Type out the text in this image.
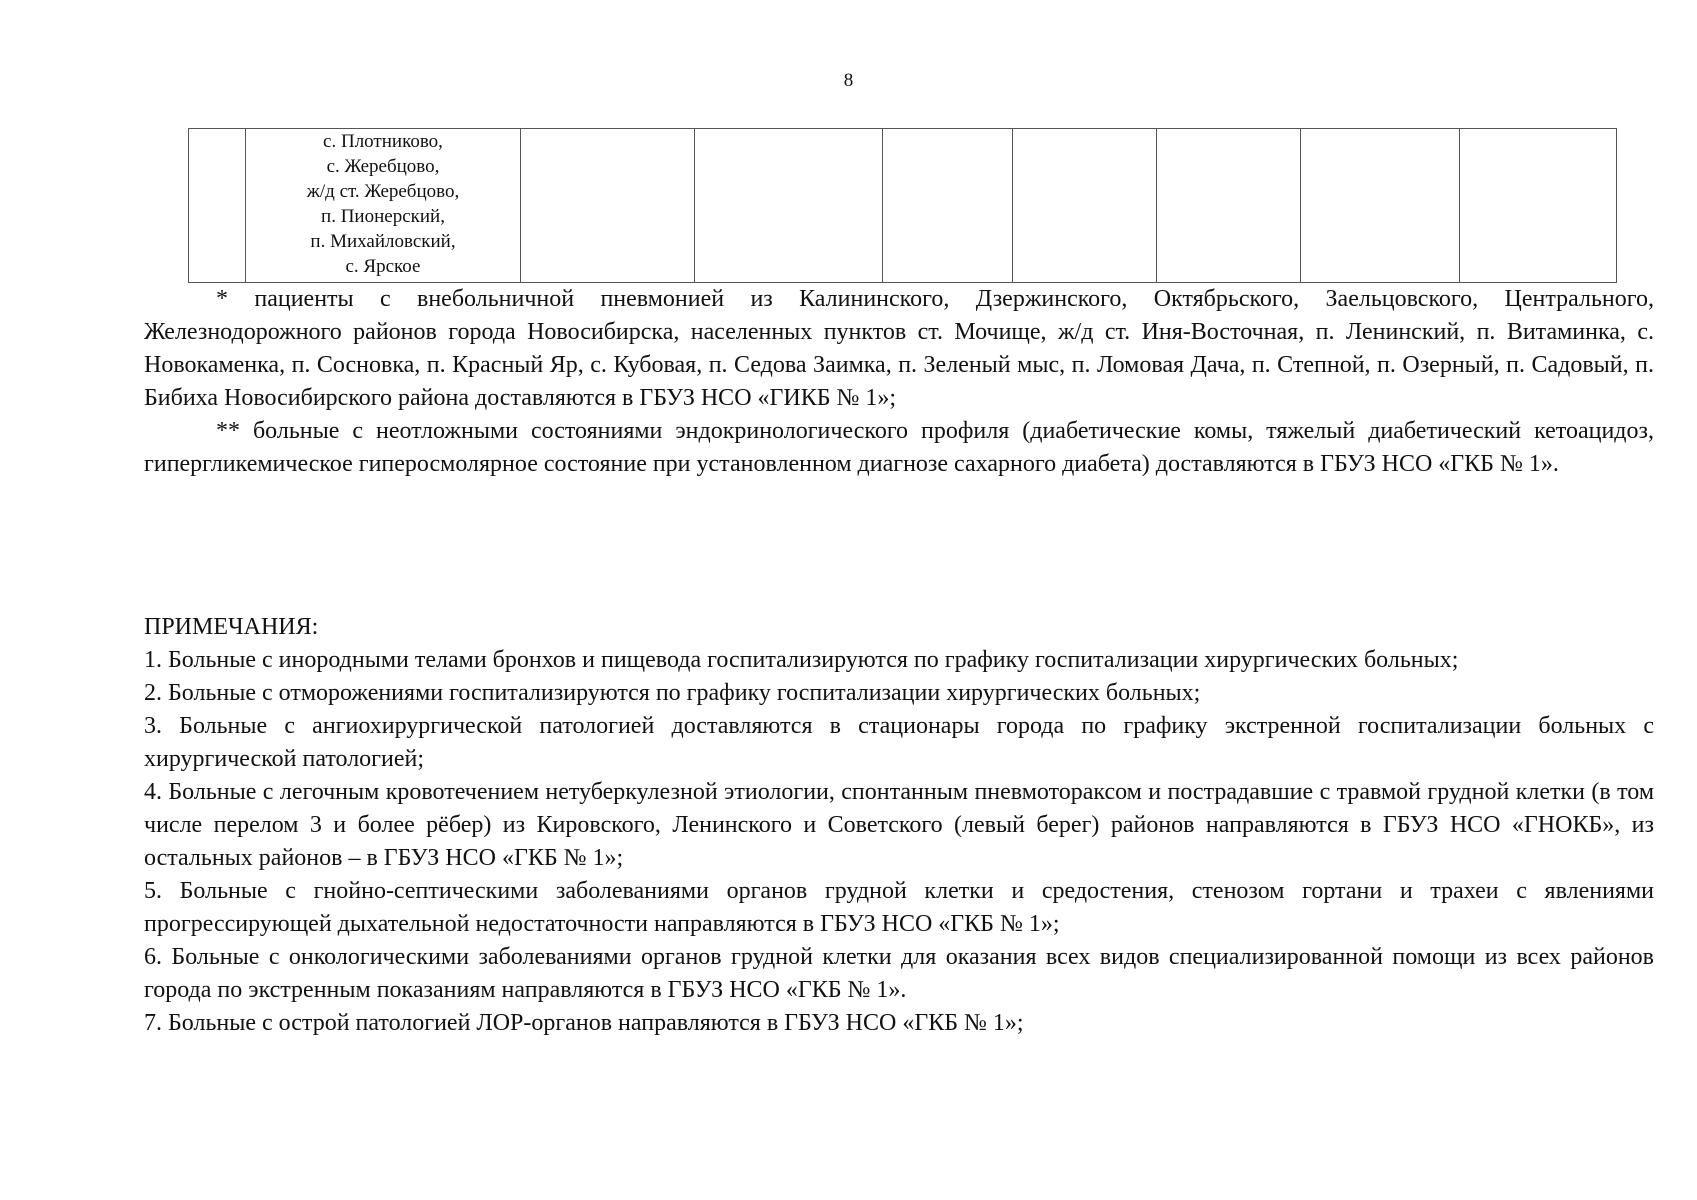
8

с. Плотниково,
с. Жеребцово,
ж/д ст. Жеребцово,
п. Пионерский,
п. Михайловский,
с. Ярское

* пациенты с внебольничной пневмонией из Калининского, Дзержинского, Октябрьского, Заельцовского, Центрального, Железнодорожного районов города Новосибирска, населенных пунктов ст. Мочище, ж/д ст. Иня-Восточная, п. Ленинский, п. Витаминка, с. Новокаменка, п. Сосновка, п. Красный Яр, с. Кубовая, п. Седова Заимка, п. Зеленый мыс, п. Ломовая Дача, п. Степной, п. Озерный, п. Садовый, п. Бибиха Новосибирского района доставляются в ГБУЗ НСО «ГИКБ № 1»;

** больные с неотложными состояниями эндокринологического профиля (диабетические комы, тяжелый диабетический кетоацидоз, гипергликемическое гиперосмолярное состояние при установленном диагнозе сахарного диабета) доставляются в ГБУЗ НСО «ГКБ № 1».

ПРИМЕЧАНИЯ:

1. Больные с инородными телами бронхов и пищевода госпитализируются по графику госпитализации хирургических больных;

2. Больные с отморожениями госпитализируются по графику госпитализации хирургических больных;

3. Больные с ангиохирургической патологией доставляются в стационары города по графику экстренной госпитализации больных с хирургической патологией;

4. Больные с легочным кровотечением нетуберкулезной этиологии, спонтанным пневмотораксом и пострадавшие с травмой грудной клетки (в том числе перелом 3 и более рёбер) из Кировского, Ленинского и Советского (левый берег) районов направляются в ГБУЗ НСО «ГНОКБ», из остальных районов – в ГБУЗ НСО «ГКБ № 1»;

5. Больные с гнойно-септическими заболеваниями органов грудной клетки и средостения, стенозом гортани и трахеи с явлениями прогрессирующей дыхательной недостаточности направляются в ГБУЗ НСО «ГКБ № 1»;

6. Больные с онкологическими заболеваниями органов грудной клетки для оказания всех видов специализированной помощи из всех районов города по экстренным показаниям направляются в ГБУЗ НСО «ГКБ № 1».

7. Больные с острой патологией ЛОР-органов направляются в ГБУЗ НСО «ГКБ № 1»;
